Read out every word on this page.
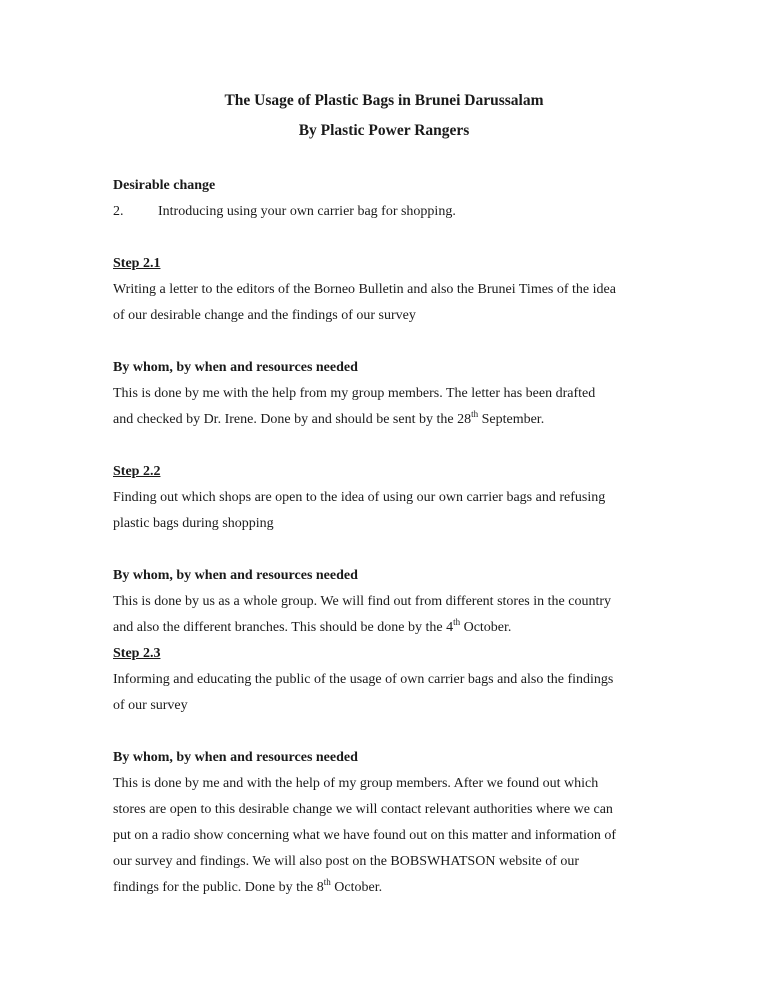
The Usage of Plastic Bags in Brunei Darussalam

By Plastic Power Rangers

Desirable change

2. Introducing using your own carrier bag for shopping.

Step 2.1

Writing a letter to the editors of the Borneo Bulletin and also the Brunei Times of the idea

of our desirable change and the findings of our survey

By whom, by when and resources needed

This is done by me with the help from my group members. The letter has been drafted

and checked by Dr. Irene. Done by and should be sent by the 28th September.

Step 2.2

Finding out which shops are open to the idea of using our own carrier bags and refusing

plastic bags during shopping

By whom, by when and resources needed

This is done by us as a whole group. We will find out from different stores in the country

and also the different branches. This should be done by the 4th October.

Step 2.3

Informing and educating the public of the usage of own carrier bags and also the findings

of our survey

By whom, by when and resources needed

This is done by me and with the help of my group members. After we found out which

stores are open to this desirable change we will contact relevant authorities where we can

put on a radio show concerning what we have found out on this matter and information of

our survey and findings. We will also post on the BOBSWHATSON website of our

findings for the public. Done by the 8th October.
